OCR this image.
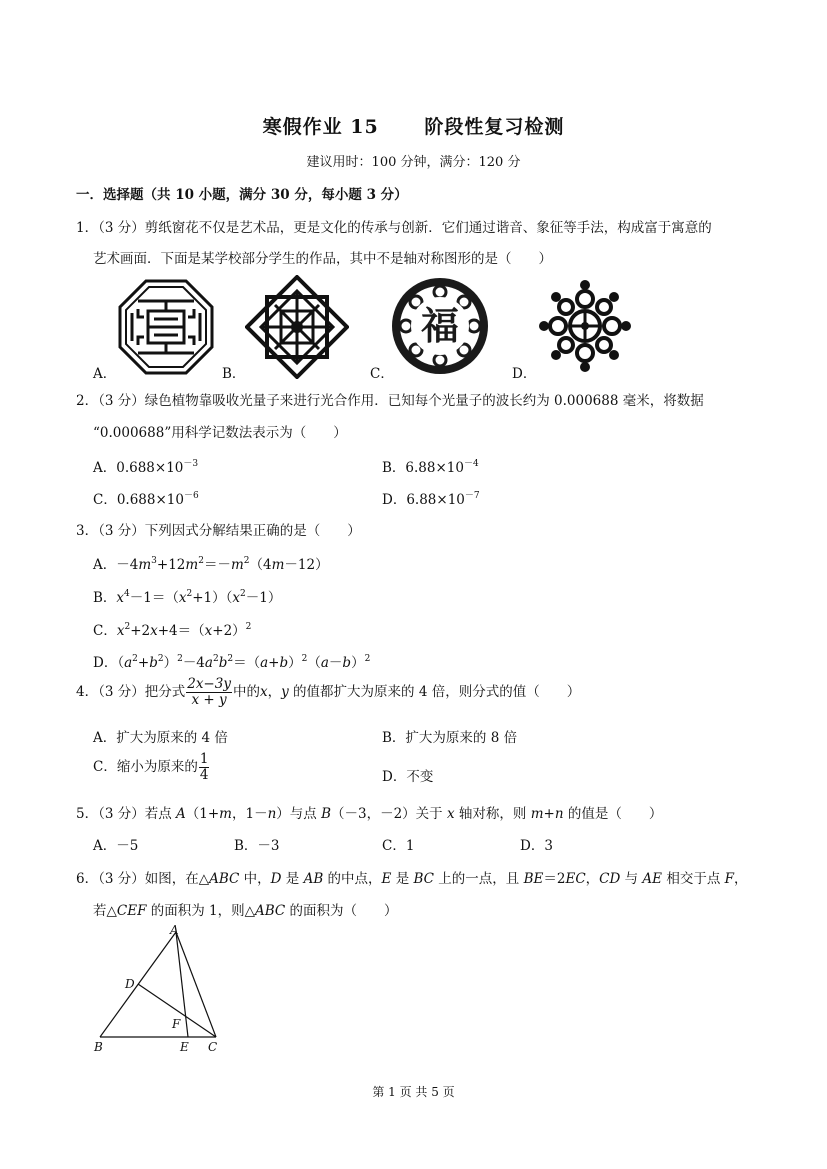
寒假作业 15      阶段性复习检测
建议用时：100 分钟，满分：120 分
一．选择题（共 10 小题，满分 30 分，每小题 3 分）
1．（3 分）剪纸窗花不仅是艺术品，更是文化的传承与创新．它们通过谐音、象征等手法，构成富于寓意的
艺术画面．下面是某学校部分学生的作品，其中不是轴对称图形的是（　　）
A．	B．	C．	D．
福
2．（3 分）绿色植物靠吸收光量子来进行光合作用．已知每个光量子的波长约为 0.000688 毫米，将数据
“0.000688”用科学记数法表示为（　　）
A．$0.688\times 10^{-3}$	B．$6.88\times 10^{-4}$
C．$0.688\times 10^{-6}$	D．$6.88\times 10^{-7}$
3．（3 分）下列因式分解结果正确的是（　　）
A．$-4m^3+12m^2=-m^2(4m-12)$
B．$x^4-1=(x^2+1)(x^2-1)$
C．$x^2+2x+4=(x+2)^2$
D．$(a^2+b^2)^2-4a^2b^2=(a+b)^2(a-b)^2$
4．（3 分）把分式 $\frac{2x-3y}{x + y}$ 中的x，y 的值都扩大为原来的 4 倍，则分式的值（　　）
A．扩大为原来的 4 倍	B．扩大为原来的 8 倍
C．缩小为原来的 $\frac{1}{4}$	D．不变
5．（3 分）若点 A（1+m，1－n）与点 B（－3，－2）关于 x 轴对称，则 m+n 的值是（　　）
A．－5	B．－3	C．1	D．3
6．（3 分）如图，在△ABC 中，D 是 AB 的中点，E 是 BC 上的一点，且 BE＝2EC，CD 与 AE 相交于点 F，
若△CEF 的面积为 1，则△ABC 的面积为（　　）
A
B	C
D
E
F
第 1 页 共 5 页
